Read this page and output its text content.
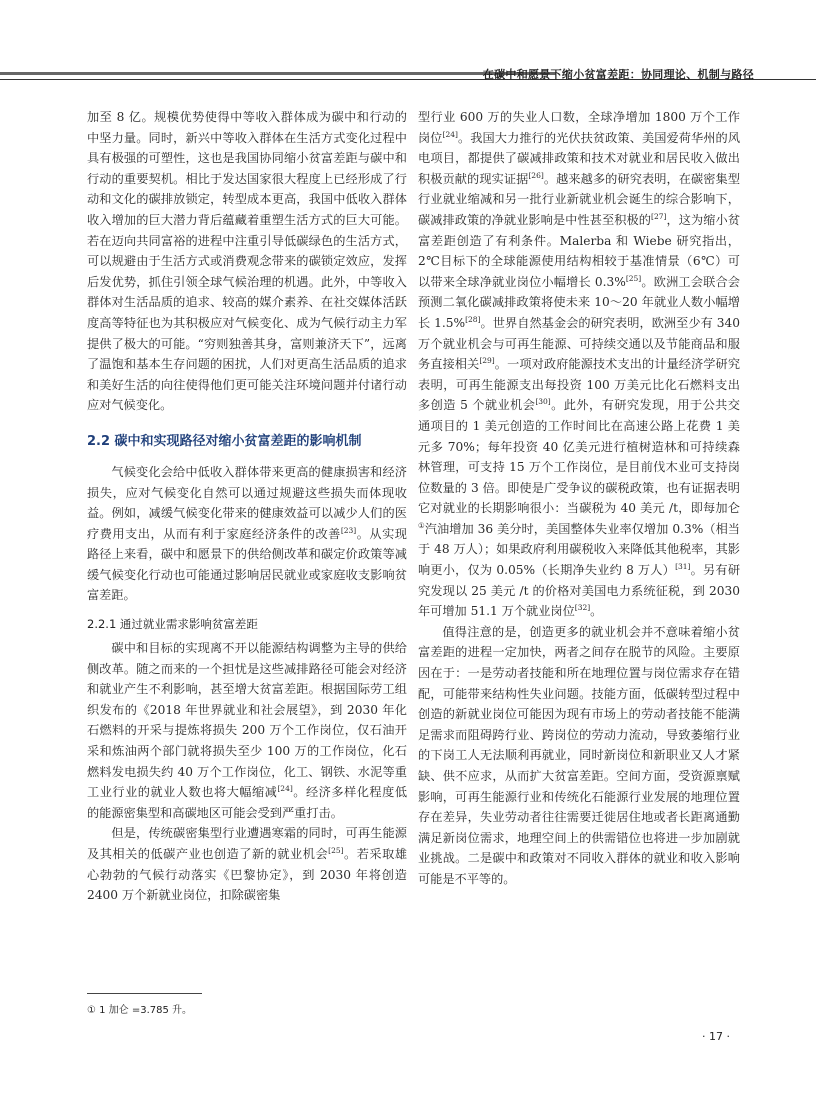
在碳中和愿景下缩小贫富差距：协同理论、机制与路径

加至 8 亿。规模优势使得中等收入群体成为碳中和行动的中坚力量。同时，新兴中等收入群体在生活方式变化过程中具有极强的可塑性，这也是我国协同缩小贫富差距与碳中和行动的重要契机。相比于发达国家很大程度上已经形成了行动和文化的碳排放锁定，转型成本更高，我国中低收入群体收入增加的巨大潜力背后蕴藏着重塑生活方式的巨大可能。若在迈向共同富裕的进程中注重引导低碳绿色的生活方式，可以规避由于生活方式或消费观念带来的碳锁定效应，发挥后发优势，抓住引领全球气候治理的机遇。此外，中等收入群体对生活品质的追求、较高的媒介素养、在社交媒体活跃度高等特征也为其积极应对气候变化、成为气候行动主力军提供了极大的可能。“穷则独善其身，富则兼济天下”，远离了温饱和基本生存问题的困扰，人们对更高生活品质的追求和美好生活的向往使得他们更可能关注环境问题并付诸行动应对气候变化。

2.2 碳中和实现路径对缩小贫富差距的影响机制

气候变化会给中低收入群体带来更高的健康损害和经济损失，应对气候变化自然可以通过规避这些损失而体现收益。例如，减缓气候变化带来的健康效益可以减少人们的医疗费用支出，从而有利于家庭经济条件的改善[23]。从实现路径上来看，碳中和愿景下的供给侧改革和碳定价政策等减缓气候变化行动也可能通过影响居民就业或家庭收支影响贫富差距。

2.2.1 通过就业需求影响贫富差距

碳中和目标的实现离不开以能源结构调整为主导的供给侧改革。随之而来的一个担忧是这些减排路径可能会对经济和就业产生不利影响，甚至增大贫富差距。根据国际劳工组织发布的《2018 年世界就业和社会展望》，到 2030 年化石燃料的开采与提炼将损失 200 万个工作岗位，仅石油开采和炼油两个部门就将损失至少 100 万的工作岗位，化石燃料发电损失约 40 万个工作岗位，化工、钢铁、水泥等重工业行业的就业人数也将大幅缩减[24]。经济多样化程度低的能源密集型和高碳地区可能会受到严重打击。

但是，传统碳密集型行业遭遇寒霜的同时，可再生能源及其相关的低碳产业也创造了新的就业机会[25]。若采取雄心勃勃的气候行动落实《巴黎协定》，到 2030 年将创造 2400 万个新就业岗位，扣除碳密集

型行业 600 万的失业人口数，全球净增加 1800 万个工作岗位[24]。我国大力推行的光伏扶贫政策、美国爱荷华州的风电项目，都提供了碳减排政策和技术对就业和居民收入做出积极贡献的现实证据[26]。越来越多的研究表明，在碳密集型行业就业缩减和另一批行业新就业机会诞生的综合影响下，碳减排政策的净就业影响是中性甚至积极的[27]，这为缩小贫富差距创造了有利条件。Malerba 和 Wiebe 研究指出，2℃目标下的全球能源使用结构相较于基准情景（6℃）可以带来全球净就业岗位小幅增长 0.3%[25]。欧洲工会联合会预测二氧化碳减排政策将使未来 10～20 年就业人数小幅增长 1.5%[28]。世界自然基金会的研究表明，欧洲至少有 340 万个就业机会与可再生能源、可持续交通以及节能商品和服务直接相关[29]。一项对政府能源技术支出的计量经济学研究表明，可再生能源支出每投资 100 万美元比化石燃料支出多创造 5 个就业机会[30]。此外，有研究发现，用于公共交通项目的 1 美元创造的工作时间比在高速公路上花费 1 美元多 70%；每年投资 40 亿美元进行植树造林和可持续森林管理，可支持 15 万个工作岗位，是目前伐木业可支持岗位数量的 3 倍。即使是广受争议的碳税政策，也有证据表明它对就业的长期影响很小：当碳税为 40 美元 /t，即每加仑①汽油增加 36 美分时，美国整体失业率仅增加 0.3%（相当于 48 万人）；如果政府利用碳税收入来降低其他税率，其影响更小，仅为 0.05%（长期净失业约 8 万人）[31]。另有研究发现以 25 美元 /t 的价格对美国电力系统征税，到 2030 年可增加 51.1 万个就业岗位[32]。

值得注意的是，创造更多的就业机会并不意味着缩小贫富差距的进程一定加快，两者之间存在脱节的风险。主要原因在于：一是劳动者技能和所在地理位置与岗位需求存在错配，可能带来结构性失业问题。技能方面，低碳转型过程中创造的新就业岗位可能因为现有市场上的劳动者技能不能满足需求而阻碍跨行业、跨岗位的劳动力流动，导致萎缩行业的下岗工人无法顺利再就业，同时新岗位和新职业又人才紧缺、供不应求，从而扩大贫富差距。空间方面，受资源禀赋影响，可再生能源行业和传统化石能源行业发展的地理位置存在差异，失业劳动者往往需要迁徙居住地或者长距离通勤满足新岗位需求，地理空间上的供需错位也将进一步加剧就业挑战。二是碳中和政策对不同收入群体的就业和收入影响可能是不平等的。

① 1 加仑 =3.785 升。
· 17 ·
